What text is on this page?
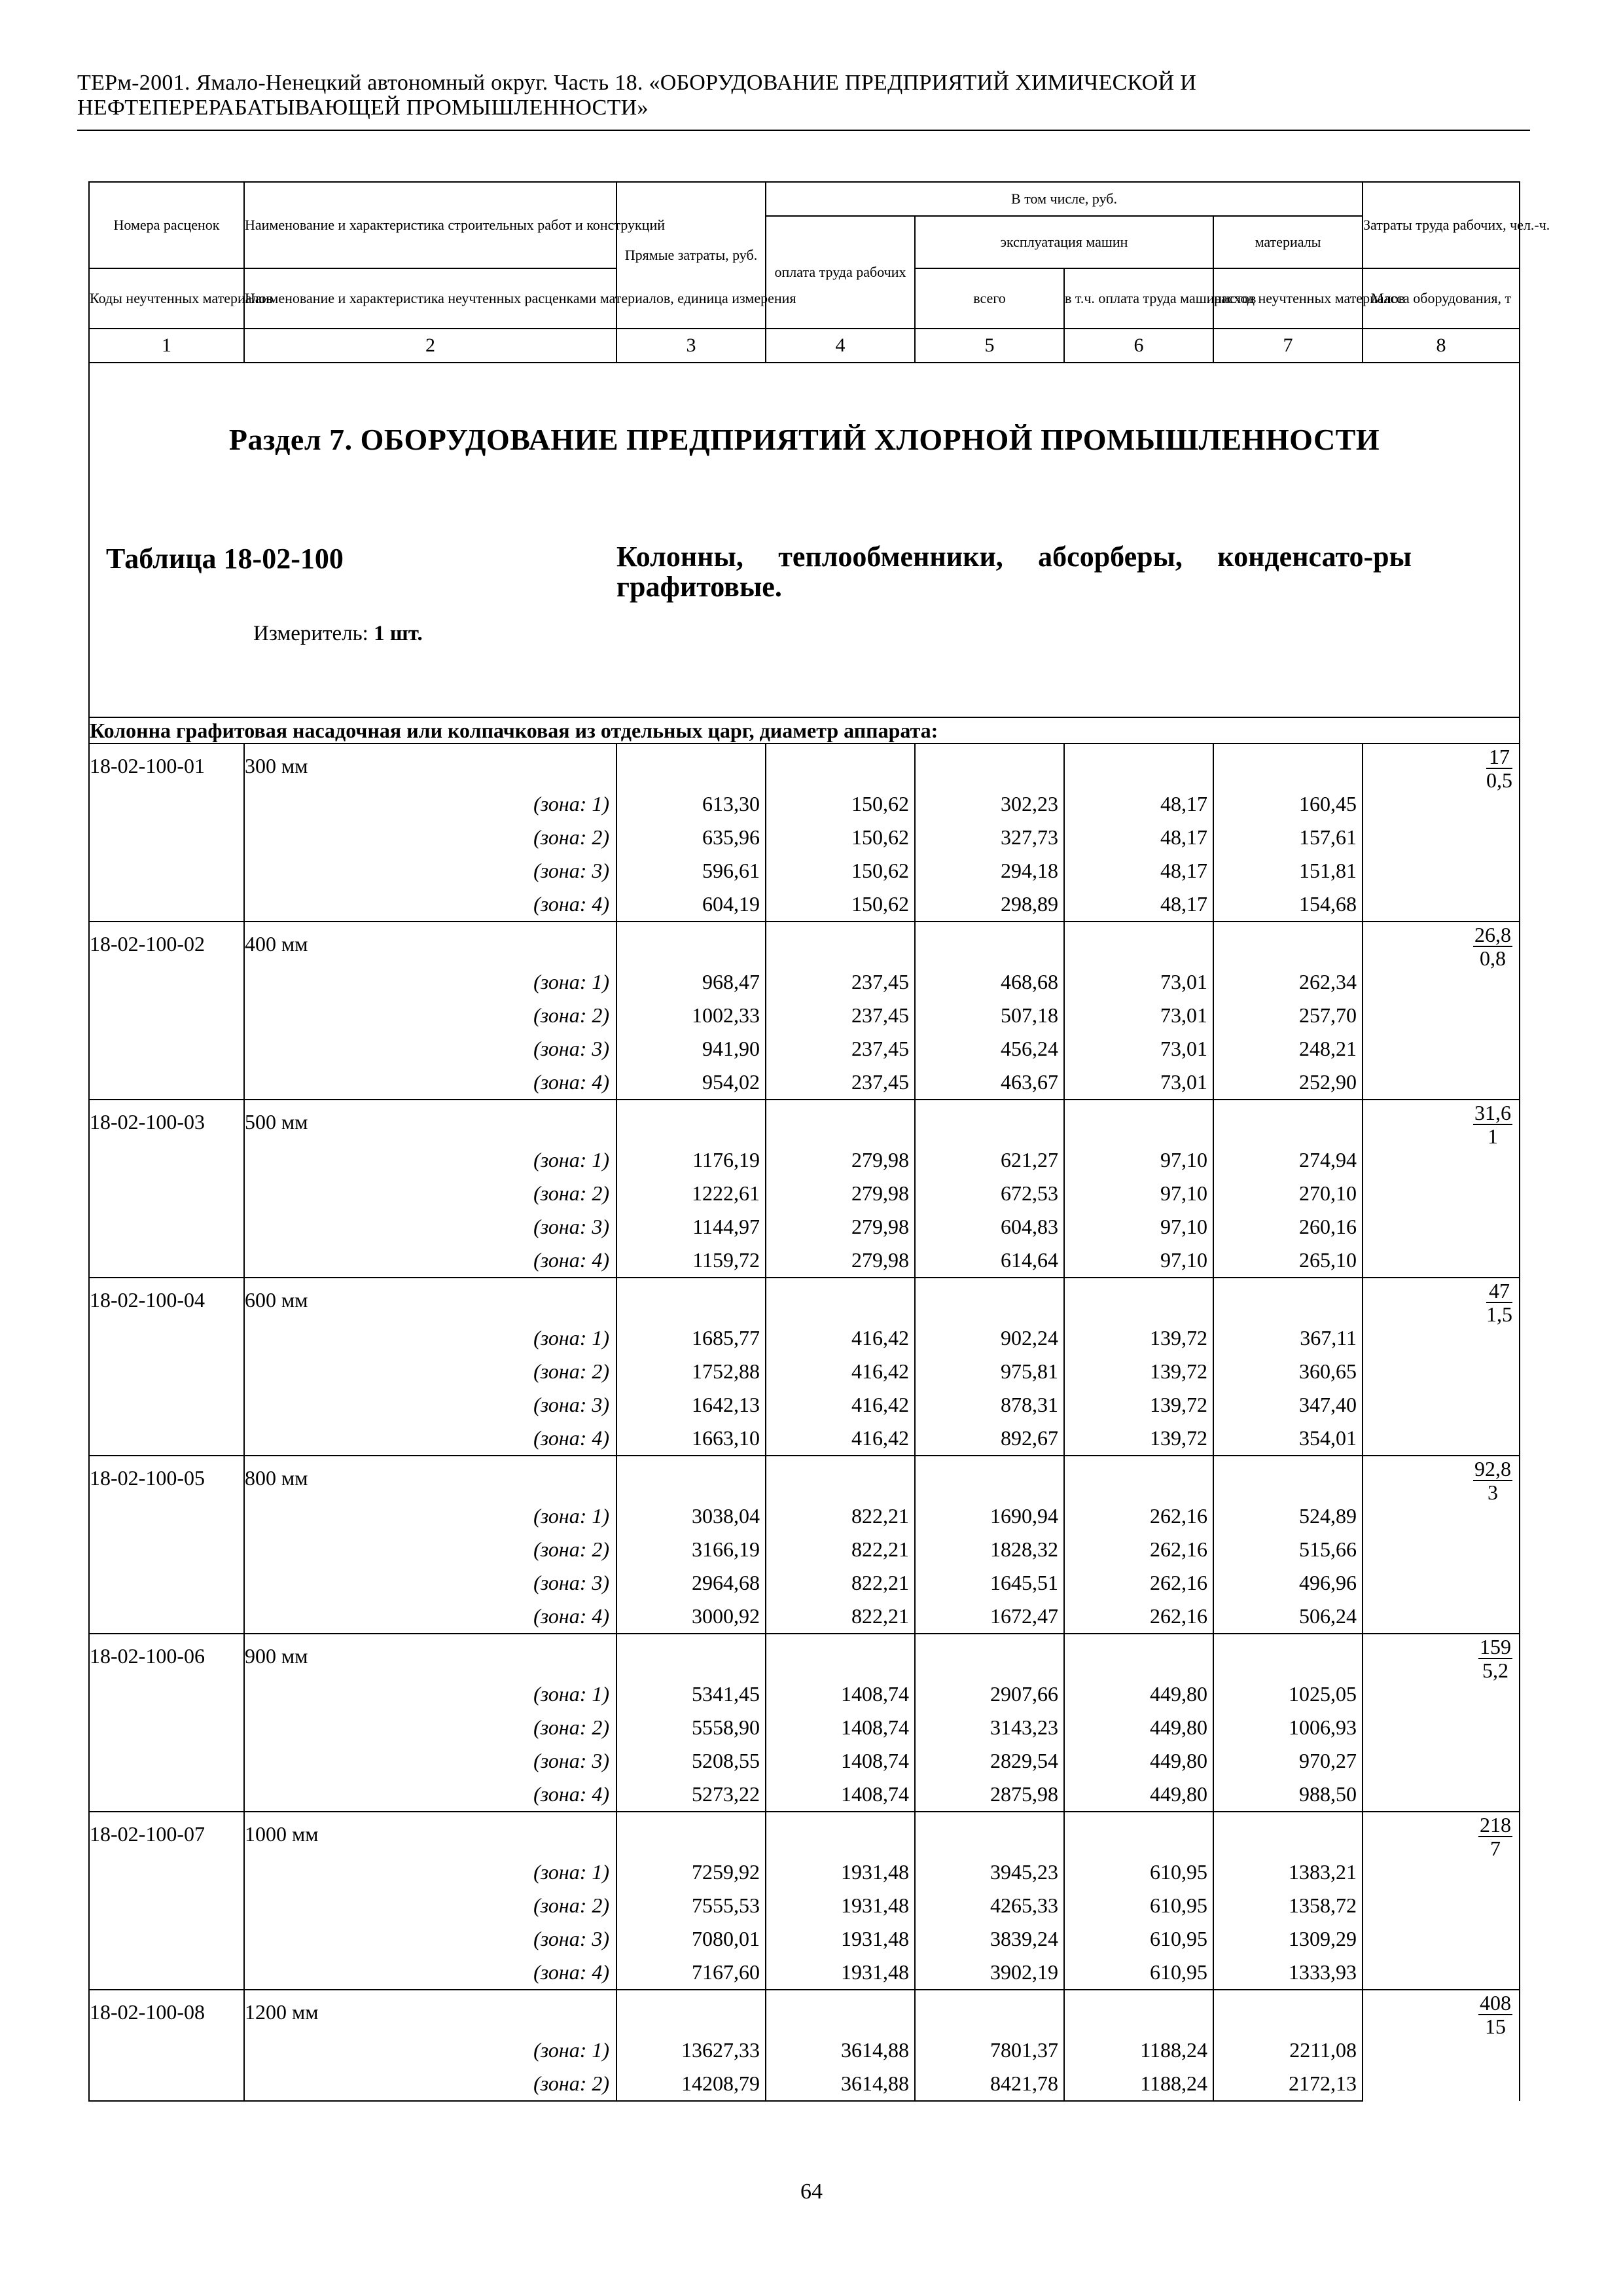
ТЕРм-2001. Ямало-Ненецкий автономный округ. Часть 18. «ОБОРУДОВАНИЕ ПРЕДПРИЯТИЙ ХИМИЧЕСКОЙ И
НЕФТЕПЕРЕРАБАТЫВАЮЩЕЙ ПРОМЫШЛЕННОСТИ»
Номера расценок	Наименование и характеристика строительных работ и конструкций	Прямые затраты, руб.	В том числе, руб.				Затраты труда рабочих, чел.-ч.
			оплата труда рабочих	эксплуатация машин		материалы	
Коды неучтенных материалов	Наименование и характеристика неучтенных расценками материалов, единица измерения			всего	в т.ч. оплата труда машинистов	расход неучтенных материалов	Масса оборудования, т
1	2	3	4	5	6	7	8

Раздел 7. ОБОРУДОВАНИЕ ПРЕДПРИЯТИЙ ХЛОРНОЙ ПРОМЫШЛЕННОСТИ
Таблица 18-02-100 Колонны, теплообменники, абсорберы, конденсато-ры графитовые.
Измеритель: 1 шт.							

Колонна графитовая насадочная или колпачковая из отдельных царг, диаметр аппарата:							
18-02-100-01	300 мм						$\frac{17}{0,5}$

	(зона: 1)	613,30	150,62	302,23	48,17	160,45	
	(зона: 2)	635,96	150,62	327,73	48,17	157,61	
	(зона: 3)	596,61	150,62	294,18	48,17	151,81	
	(зона: 4)	604,19	150,62	298,89	48,17	154,68	
18-02-100-02	400 мм						$\frac{26,8}{0,8}$

	(зона: 1)	968,47	237,45	468,68	73,01	262,34	
	(зона: 2)	1002,33	237,45	507,18	73,01	257,70	
	(зона: 3)	941,90	237,45	456,24	73,01	248,21	
	(зона: 4)	954,02	237,45	463,67	73,01	252,90	
18-02-100-03	500 мм						$\frac{31,6}{1}$

	(зона: 1)	1176,19	279,98	621,27	97,10	274,94	
	(зона: 2)	1222,61	279,98	672,53	97,10	270,10	
	(зона: 3)	1144,97	279,98	604,83	97,10	260,16	
	(зона: 4)	1159,72	279,98	614,64	97,10	265,10	
18-02-100-04	600 мм						$\frac{47}{1,5}$

	(зона: 1)	1685,77	416,42	902,24	139,72	367,11	
	(зона: 2)	1752,88	416,42	975,81	139,72	360,65	
	(зона: 3)	1642,13	416,42	878,31	139,72	347,40	
	(зона: 4)	1663,10	416,42	892,67	139,72	354,01	
18-02-100-05	800 мм						$\frac{92,8}{3}$

	(зона: 1)	3038,04	822,21	1690,94	262,16	524,89	
	(зона: 2)	3166,19	822,21	1828,32	262,16	515,66	
	(зона: 3)	2964,68	822,21	1645,51	262,16	496,96	
	(зона: 4)	3000,92	822,21	1672,47	262,16	506,24	
18-02-100-06	900 мм						$\frac{159}{5,2}$

	(зона: 1)	5341,45	1408,74	2907,66	449,80	1025,05	
	(зона: 2)	5558,90	1408,74	3143,23	449,80	1006,93	
	(зона: 3)	5208,55	1408,74	2829,54	449,80	970,27	
	(зона: 4)	5273,22	1408,74	2875,98	449,80	988,50	
18-02-100-07	1000 мм						$\frac{218}{7}$

	(зона: 1)	7259,92	1931,48	3945,23	610,95	1383,21	
	(зона: 2)	7555,53	1931,48	4265,33	610,95	1358,72	
	(зона: 3)	7080,01	1931,48	3839,24	610,95	1309,29	
	(зона: 4)	7167,60	1931,48	3902,19	610,95	1333,93	
18-02-100-08	1200 мм						$\frac{408}{15}$

	(зона: 1)	13627,33	3614,88	7801,37	1188,24	2211,08	
	(зона: 2)	14208,79	3614,88	8421,78	1188,24	2172,13	
64
